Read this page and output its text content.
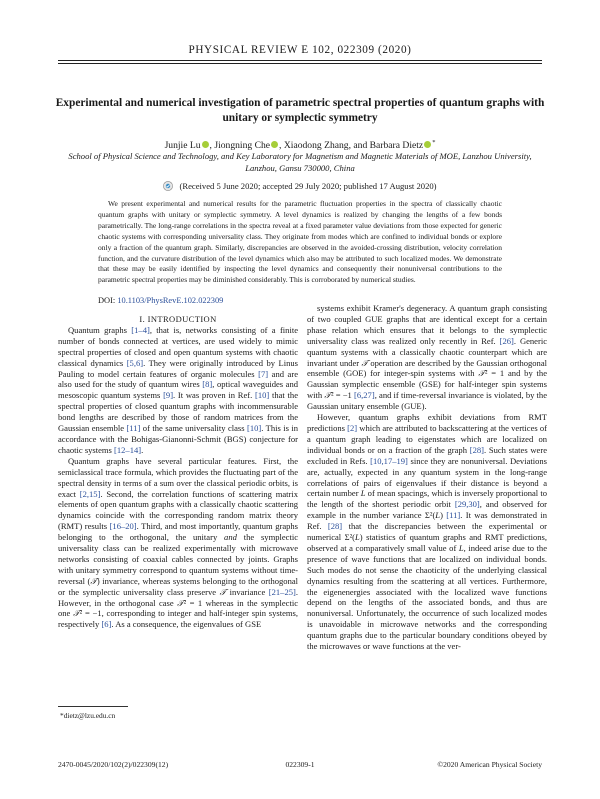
PHYSICAL REVIEW E 102, 022309 (2020)
Experimental and numerical investigation of parametric spectral properties of quantum graphs with unitary or symplectic symmetry
Junjie Lu , Jiongning Che , Xiaodong Zhang, and Barbara Dietz *
School of Physical Science and Technology, and Key Laboratory for Magnetism and Magnetic Materials of MOE, Lanzhou University, Lanzhou, Gansu 730000, China
(Received 5 June 2020; accepted 29 July 2020; published 17 August 2020)

We present experimental and numerical results for the parametric fluctuation properties in the spectra of classically chaotic quantum graphs with unitary or symplectic symmetry. A level dynamics is realized by changing the lengths of a few bonds parametrically. The long-range correlations in the spectra reveal at a fixed parameter value deviations from those expected for generic chaotic systems with corresponding universality class. They originate from modes which are confined to individual bonds or explore only a fraction of the quantum graph. Similarly, discrepancies are observed in the avoided-crossing distribution, velocity correlation function, and the curvature distribution of the level dynamics which also may be attributed to such localized modes. We demonstrate that these may be easily identified by inspecting the level dynamics and consequently their nonuniversal contributions to the parametric spectral properties may be diminished considerably. This is corroborated by numerical studies.

DOI: 10.1103/PhysRevE.102.022309

I. INTRODUCTION

Quantum graphs [1–4], that is, networks consisting of a finite number of bonds connected at vertices, are used widely to mimic spectral properties of closed and open quantum systems with chaotic classical dynamics [5,6]. They were originally introduced by Linus Pauling to model certain features of organic molecules [7] and are also used for the study of quantum wires [8], optical waveguides and mesoscopic quantum systems [9]. It was proven in Ref. [10] that the spectral properties of closed quantum graphs with incommensurable bond lengths are described by those of random matrices from the Gaussian ensemble [11] of the same universality class [10]. This is in accordance with the Bohigas-Gianonni-Schmit (BGS) conjecture for chaotic systems [12–14].

Quantum graphs have several particular features. First, the semiclassical trace formula, which provides the fluctuating part of the spectral density in terms of a sum over the classical periodic orbits, is exact [2,15]. Second, the correlation functions of scattering matrix elements of open quantum graphs with a classically chaotic scattering dynamics coincide with the corresponding random matrix theory (RMT) results [16–20]. Third, and most importantly, quantum graphs belonging to the orthogonal, the unitary and the symplectic universality class can be realized experimentally with microwave networks consisting of coaxial cables connected by joints. Graphs with unitary symmetry correspond to quantum systems without time-reversal (𝒯) invariance, whereas systems belonging to the orthogonal or the symplectic universality class preserve 𝒯 invariance [21–25]. However, in the orthogonal case 𝒯² = 1 whereas in the symplectic one 𝒯² = −1, corresponding to integer and half-integer spin systems, respectively [6]. As a consequence, the eigenvalues of GSE

systems exhibit Kramer's degeneracy. A quantum graph consisting of two coupled GUE graphs that are identical except for a certain phase relation which ensures that it belongs to the symplectic universality class was realized only recently in Ref. [26]. Generic quantum systems with a classically chaotic counterpart which are invariant under 𝒯 operation are described by the Gaussian orthogonal ensemble (GOE) for integer-spin systems with 𝒯² = 1 and by the Gaussian symplectic ensemble (GSE) for half-integer spin systems with 𝒯² = −1 [6,27], and if time-reversal invariance is violated, by the Gaussian unitary ensemble (GUE).

However, quantum graphs exhibit deviations from RMT predictions [2] which are attributed to backscattering at the vertices of a quantum graph leading to eigenstates which are localized on individual bonds or on a fraction of the graph [28]. Such states were excluded in Refs. [10,17–19] since they are nonuniversal. Deviations are, actually, expected in any quantum system in the long-range correlations of pairs of eigenvalues if their distance is beyond a certain number L of mean spacings, which is inversely proportional to the length of the shortest periodic orbit [29,30], and observed for example in the number variance Σ²(L) [11]. It was demonstrated in Ref. [28] that the discrepancies between the experimental or numerical Σ²(L) statistics of quantum graphs and RMT predictions, observed at a comparatively small value of L, indeed arise due to the presence of wave functions that are localized on individual bonds. Such modes do not sense the chaoticity of the underlying classical dynamics resulting from the scattering at all vertices. Furthermore, the eigenenergies associated with the localized wave functions depend on the lengths of the associated bonds, and thus are nonuniversal. Unfortunately, the occurrence of such localized modes is unavoidable in microwave networks and the corresponding quantum graphs due to the particular boundary conditions obeyed by the microwaves or wave functions at the ver-

*dietz@lzu.edu.cn
2470-0045/2020/102(2)/022309(12)	022309-1	©2020 American Physical Society
